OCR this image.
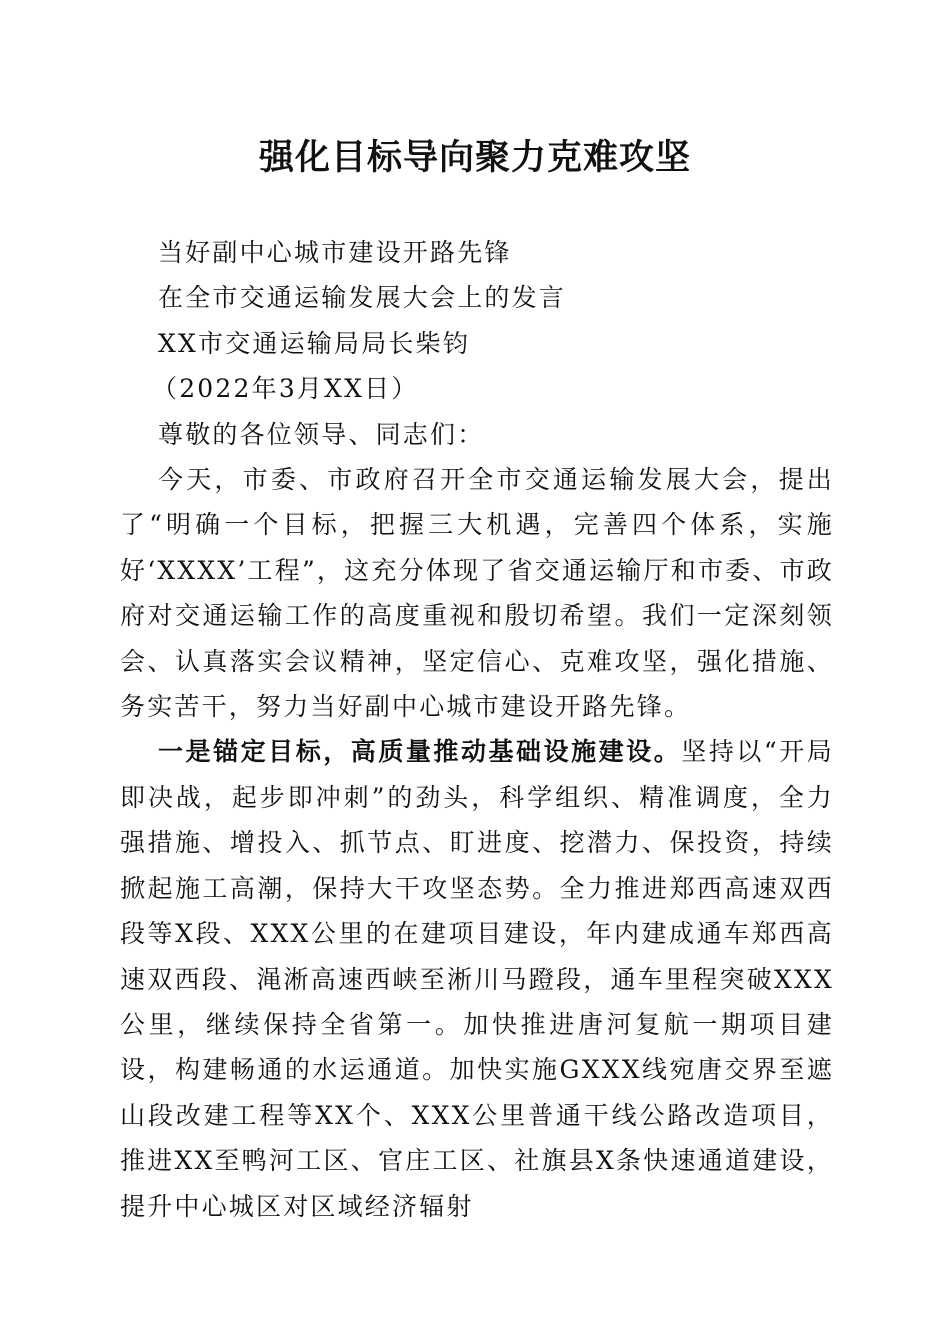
强化目标导向聚力克难攻坚

当好副中心城市建设开路先锋

在全市交通运输发展大会上的发言

XX市交通运输局局长柴钧

（2022年3月XX日）

尊敬的各位领导、同志们：

今天，市委、市政府召开全市交通运输发展大会，提出了“明确一个目标，把握三大机遇，完善四个体系，实施好‘XXXX’工程”，这充分体现了省交通运输厅和市委、市政府对交通运输工作的高度重视和殷切希望。我们一定深刻领会、认真落实会议精神，坚定信心、克难攻坚，强化措施、务实苦干，努力当好副中心城市建设开路先锋。

一是锚定目标，高质量推动基础设施建设。坚持以“开局即决战，起步即冲刺”的劲头，科学组织、精准调度，全力强措施、增投入、抓节点、盯进度、挖潜力、保投资，持续掀起施工高潮，保持大干攻坚态势。全力推进郑西高速双西段等X段、XXX公里的在建项目建设，年内建成通车郑西高速双西段、渑淅高速西峡至淅川马蹬段，通车里程突破XXX公里，继续保持全省第一。加快推进唐河复航一期项目建设，构建畅通的水运通道。加快实施GXXX线宛唐交界至遮山段改建工程等XX个、XXX公里普通干线公路改造项目，推进XX至鸭河工区、官庄工区、社旗县X条快速通道建设，提升中心城区对区域经济辐射
